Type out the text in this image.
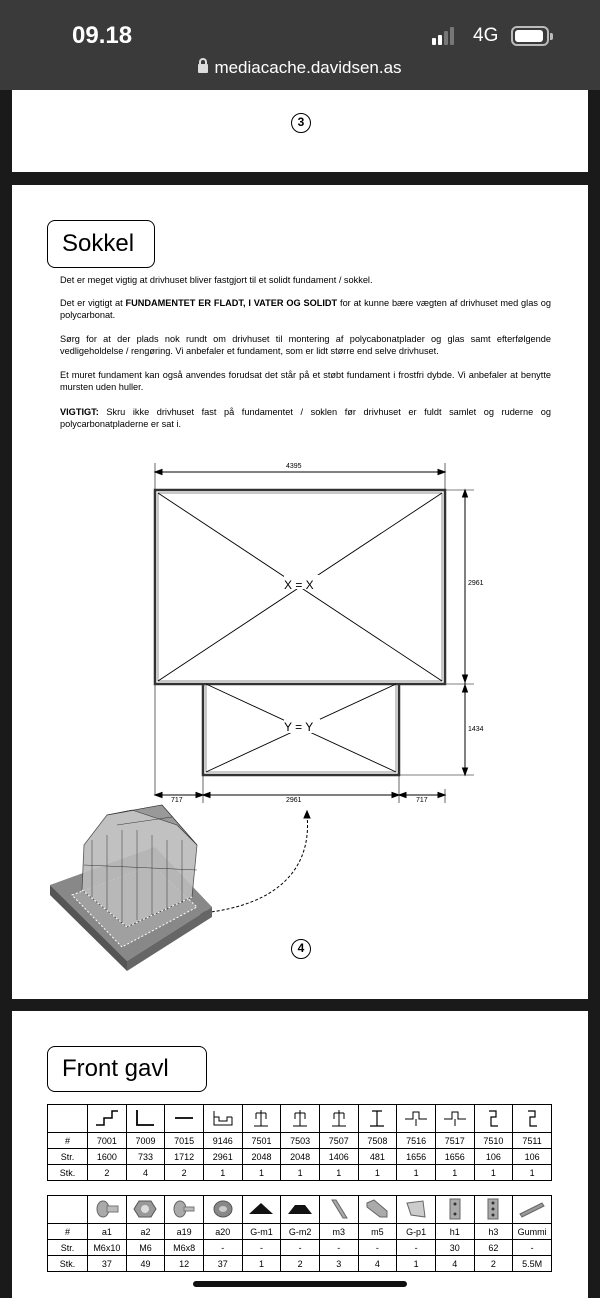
09.18	4G
mediacache.davidsen.as
3
Sokkel
Det er meget vigtig at drivhuset bliver fastgjort til et solidt fundament / sokkel.
Det er vigtigt at FUNDAMENTET ER FLADT, I VATER OG SOLIDT for at kunne bære vægten af drivhuset med glas og polycarbonat.
Sørg for at der plads nok rundt om drivhuset til montering af polycabonatplader og glas samt efterfølgende vedligeholdelse / rengøring. Vi anbefaler et fundament, som er lidt større end selve drivhuset.
Et muret fundament kan også anvendes forudsat det står på et støbt fundament i frostfri dybde. Vi anbefaler at benytte mursten uden huller.
VIGTIGT: Skru ikke drivhuset fast på fundamentet / soklen før drivhuset er fuldt samlet og ruderne og polycarbonatpladerne er sat i.
4395
2961
1434
717	2961	717
X = X
Y = Y
4
Front gavl

#	7001	7009	7015	9146	7501	7503	7507	7508	7516	7517	7510	7511
Str.	1600	733	1712	2961	2048	2048	1406	481	1656	1656	106	106
Stk.	2	4	2	1	1	1	1	1	1	1	1	1

#	a1	a2	a19	a20	G-m1	G-m2	m3	m5	G-p1	h1	h3	Gummi
Str.	M6x10	M6	M6x8	-	-	-	-	-	-	30	62	-
Stk.	37	49	12	37	1	2	3	4	1	4	2	5.5M
